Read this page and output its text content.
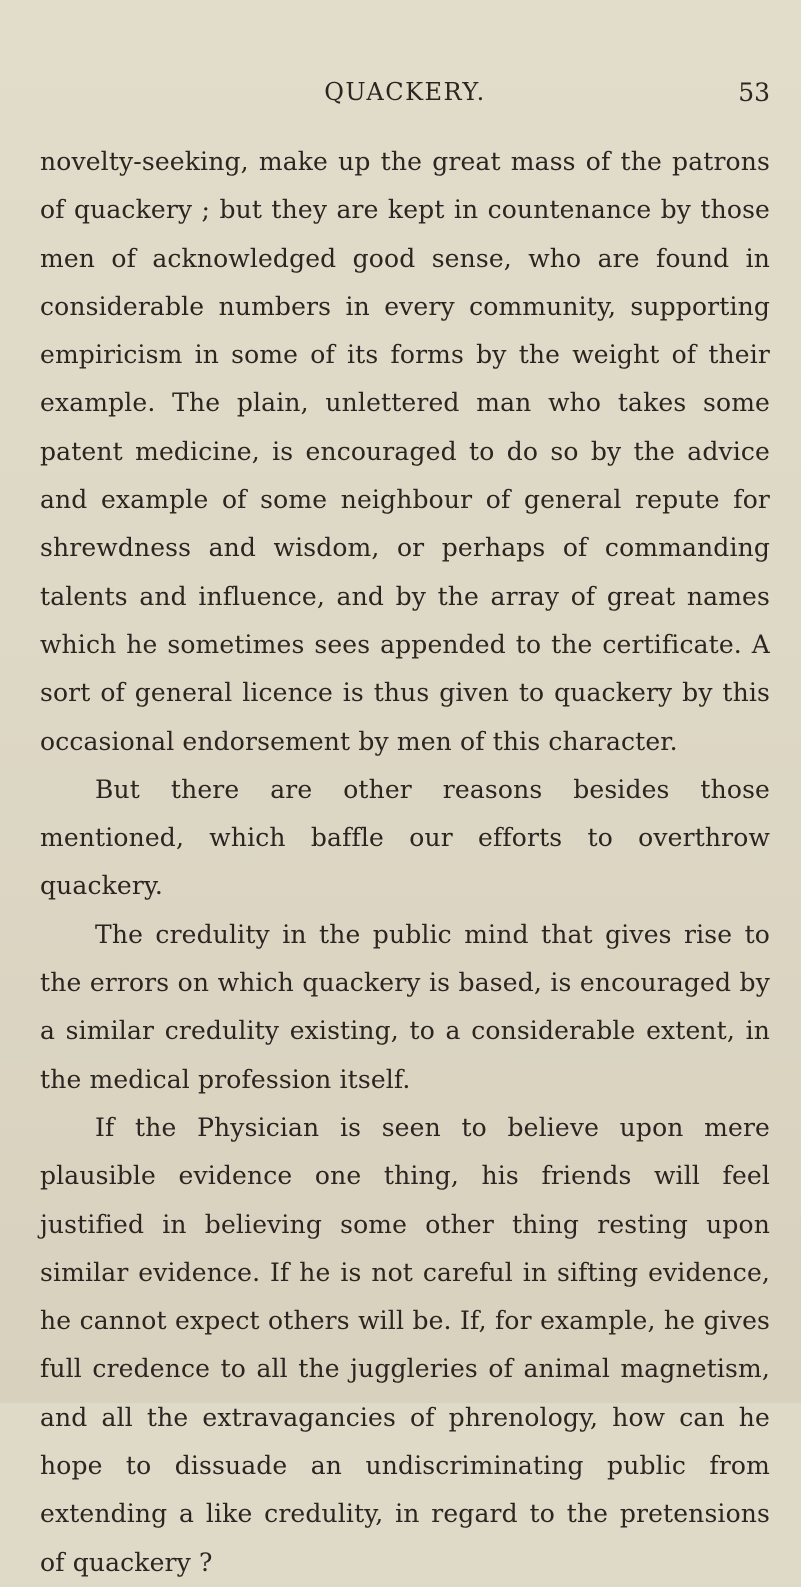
QUACKERY.	53

novelty-seeking, make up the great mass of the patrons of quackery ; but they are kept in countenance by those men of acknowledged good sense, who are found in considerable numbers in every community, supporting empiricism in some of its forms by the weight of their example. The plain, unlettered man who takes some patent medicine, is encouraged to do so by the advice and example of some neighbour of general repute for shrewdness and wisdom, or perhaps of commanding talents and influence, and by the array of great names which he sometimes sees appended to the certificate. A sort of general licence is thus given to quackery by this occasional endorsement by men of this character.

But there are other reasons besides those mentioned, which baffle our efforts to overthrow quackery.

The credulity in the public mind that gives rise to the errors on which quackery is based, is encouraged by a similar credulity existing, to a considerable extent, in the medical profession itself.

If the Physician is seen to believe upon mere plausible evidence one thing, his friends will feel justified in believing some other thing resting upon similar evidence. If he is not careful in sifting evidence, he cannot expect others will be. If, for example, he gives full credence to all the juggleries of animal magnetism, and all the extravagancies of phrenology, how can he hope to dissuade an undiscriminating public from extending a like credulity, in regard to the pretensions of quackery ?
